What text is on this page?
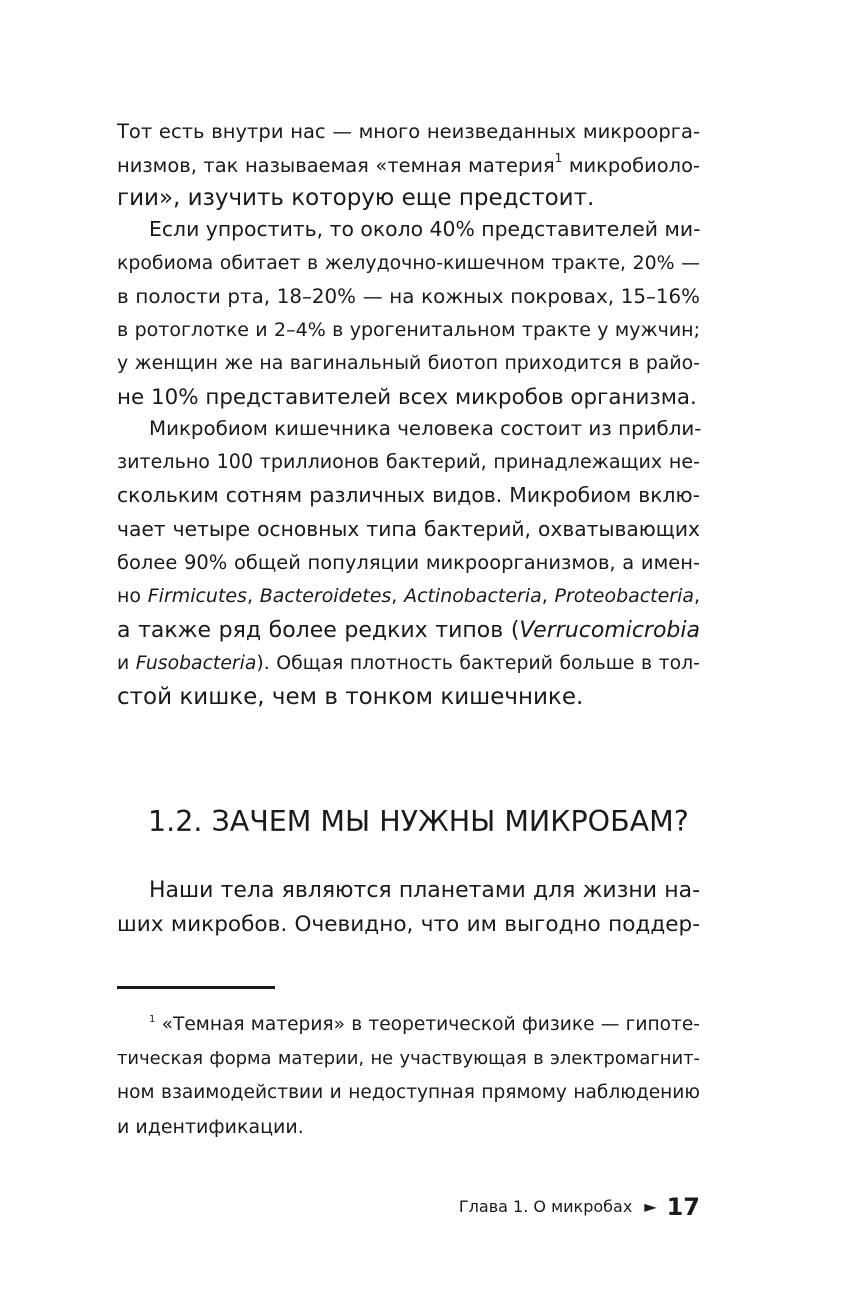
Тот есть внутри нас — много неизведанных микроорга-
низмов, так называемая «темная материя$^1$ микробиоло-
гии», изучить которую еще предстоит.
Если упростить, то около 40% представителей ми-
кробиома обитает в желудочно-кишечном тракте, 20% —
в полости рта, 18–20% — на кожных покровах, 15–16%
в ротоглотке и 2–4% в урогенитальном тракте у мужчин;
у женщин же на вагинальный биотоп приходится в райо-
не 10% представителей всех микробов организма.
Микробиом кишечника человека состоит из прибли-
зительно 100 триллионов бактерий, принадлежащих не-
скольким сотням различных видов. Микробиом вклю-
чает четыре основных типа бактерий, охватывающих
более 90% общей популяции микроорганизмов, а имен-
но Firmicutes, Bacteroidetes, Actinobacteria, Proteobacteria,
а также ряд более редких типов (Verrucomicrobia
и Fusobacteria). Общая плотность бактерий больше в тол-
стой кишке, чем в тонком кишечнике.
1.2. ЗАЧЕМ МЫ НУЖНЫ МИКРОБАМ?
Наши тела являются планетами для жизни на-
ших микробов. Очевидно, что им выгодно поддер-
$^1$ «Темная материя» в теоретической физике — гипоте-
тическая форма материи, не участвующая в электромагнит-
ном взаимодействии и недоступная прямому наблюдению
и идентификации.
Глава 1. О микробах ► 17
